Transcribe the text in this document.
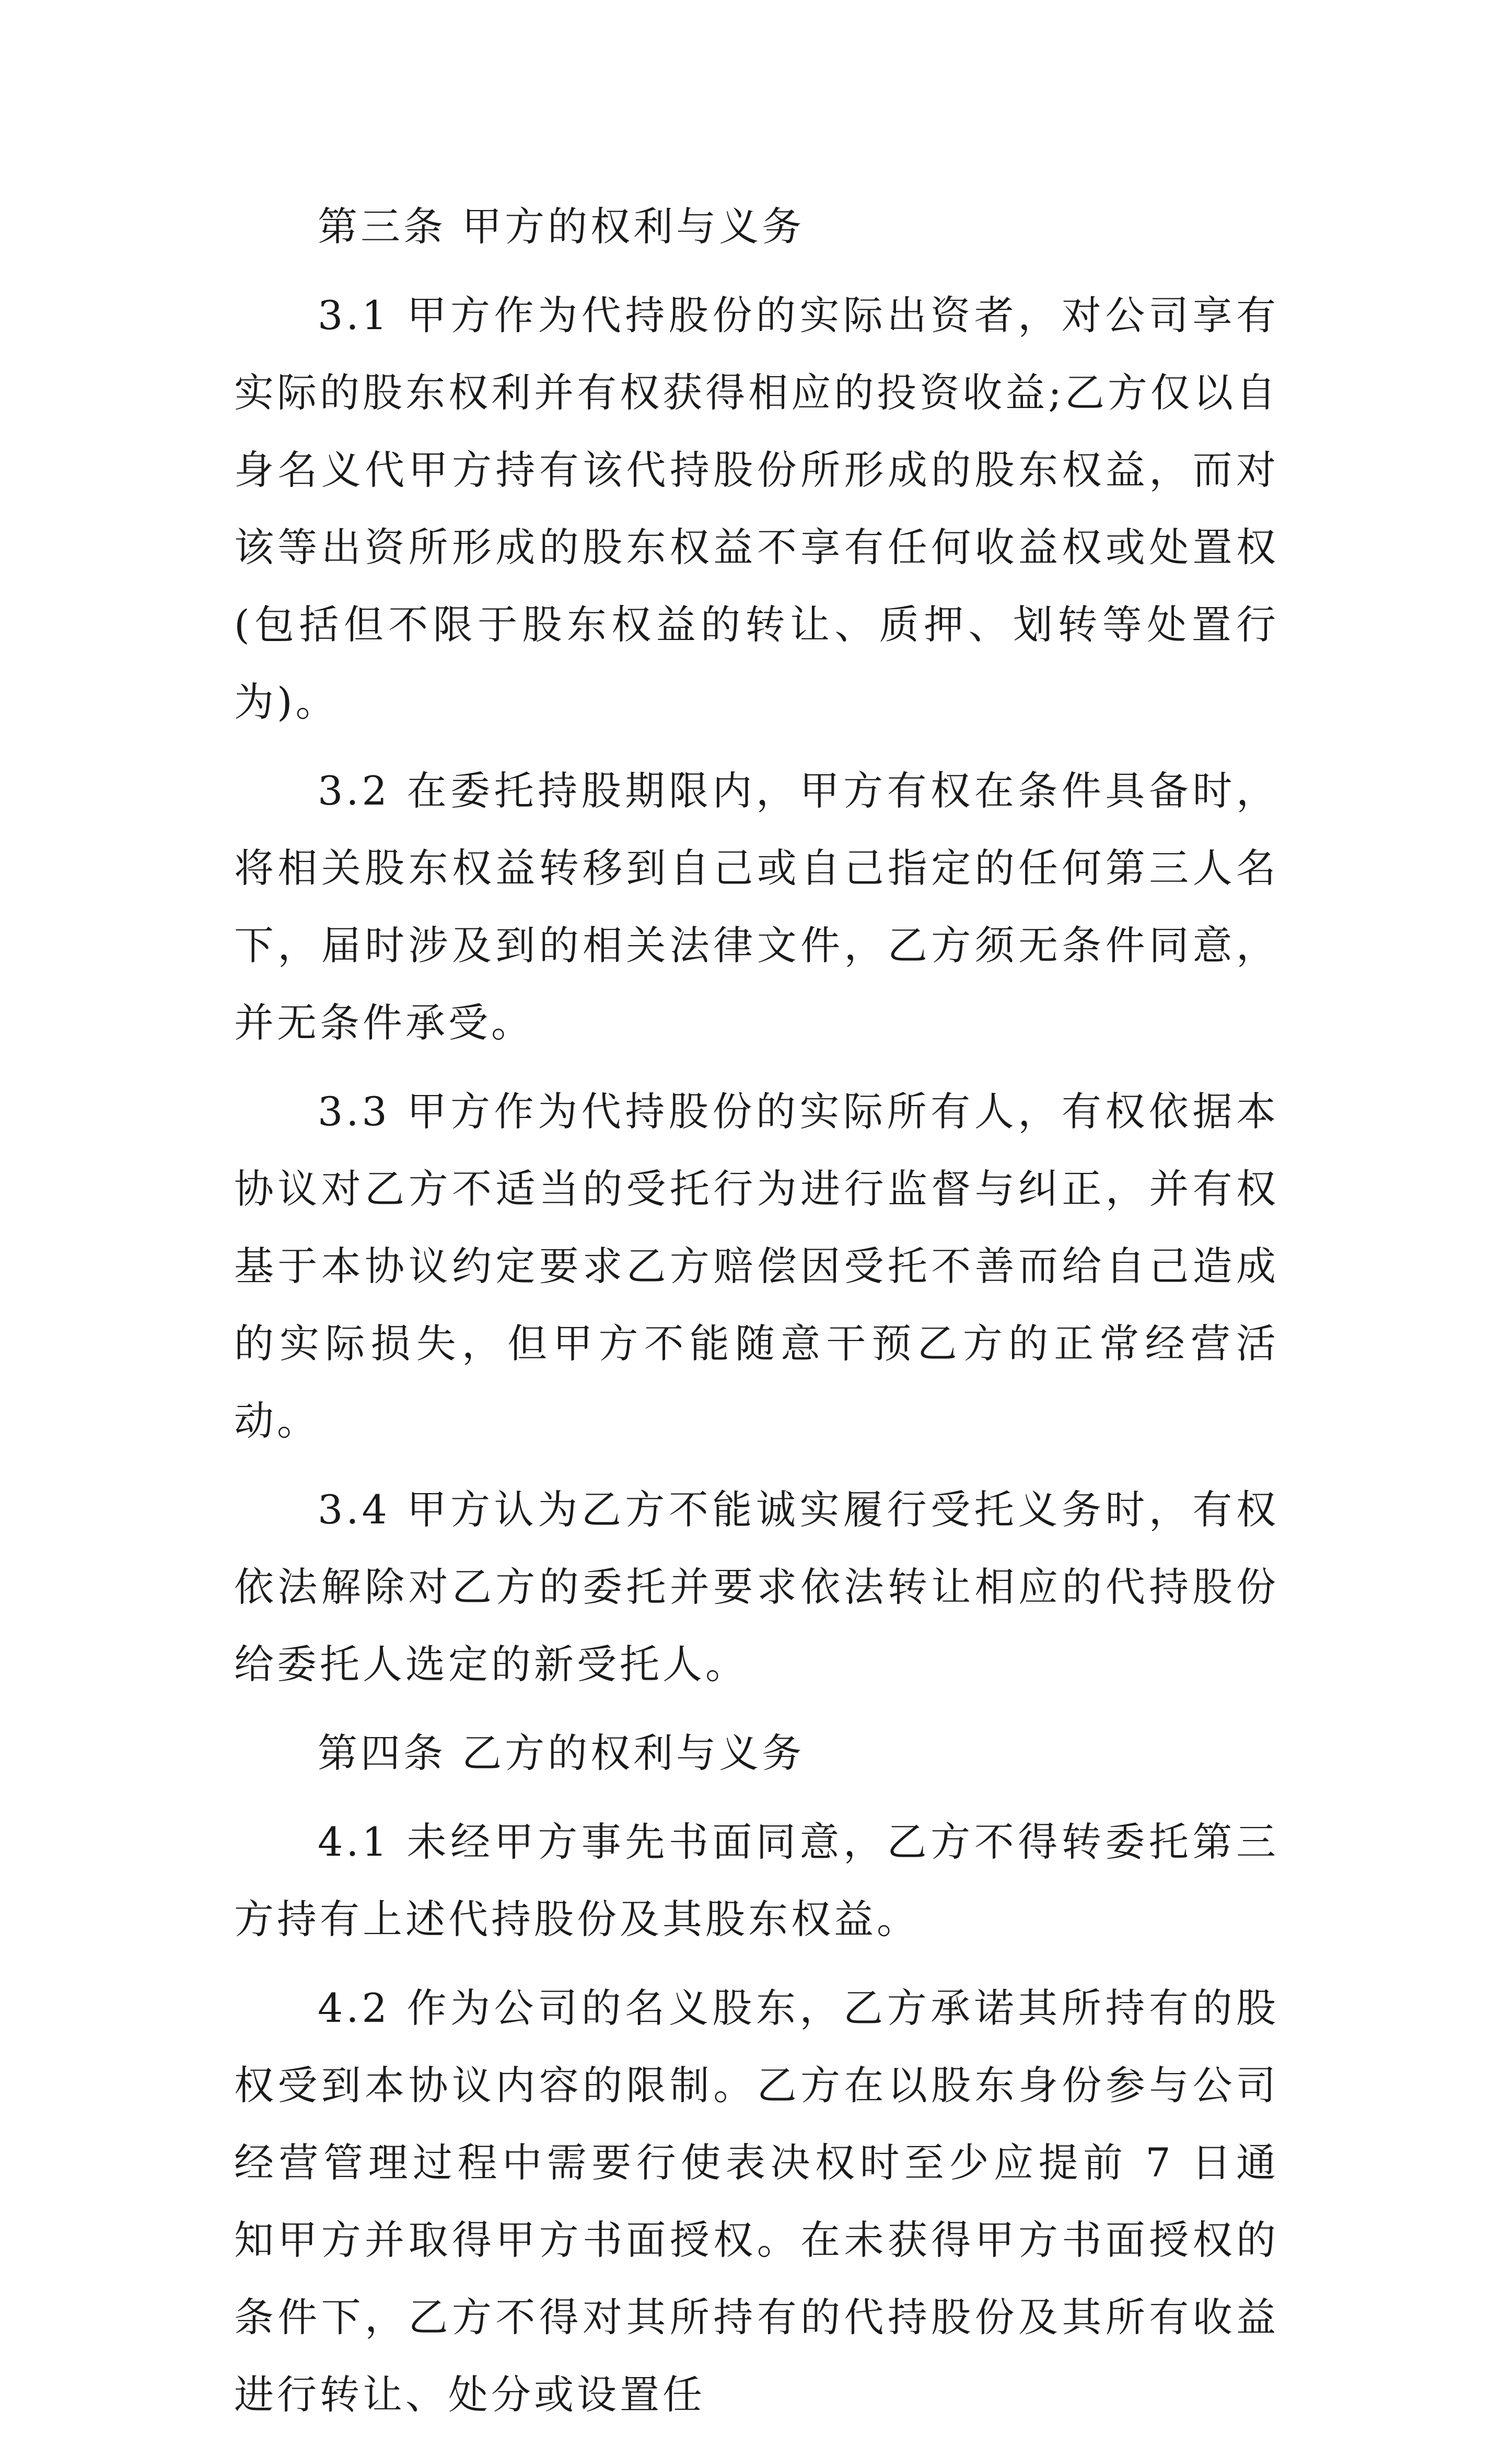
第三条 甲方的权利与义务

3.1 甲方作为代持股份的实际出资者，对公司享有实际的股东权利并有权获得相应的投资收益;乙方仅以自身名义代甲方持有该代持股份所形成的股东权益，而对该等出资所形成的股东权益不享有任何收益权或处置权(包括但不限于股东权益的转让、质押、划转等处置行为)。

3.2 在委托持股期限内，甲方有权在条件具备时，将相关股东权益转移到自己或自己指定的任何第三人名下，届时涉及到的相关法律文件，乙方须无条件同意，并无条件承受。

3.3 甲方作为代持股份的实际所有人，有权依据本协议对乙方不适当的受托行为进行监督与纠正，并有权基于本协议约定要求乙方赔偿因受托不善而给自己造成的实际损失，但甲方不能随意干预乙方的正常经营活动。

3.4 甲方认为乙方不能诚实履行受托义务时，有权依法解除对乙方的委托并要求依法转让相应的代持股份给委托人选定的新受托人。

第四条 乙方的权利与义务

4.1 未经甲方事先书面同意，乙方不得转委托第三方持有上述代持股份及其股东权益。

4.2 作为公司的名义股东，乙方承诺其所持有的股权受到本协议内容的限制。乙方在以股东身份参与公司经营管理过程中需要行使表决权时至少应提前 7 日通知甲方并取得甲方书面授权。在未获得甲方书面授权的条件下，乙方不得对其所持有的代持股份及其所有收益进行转让、处分或设置任
